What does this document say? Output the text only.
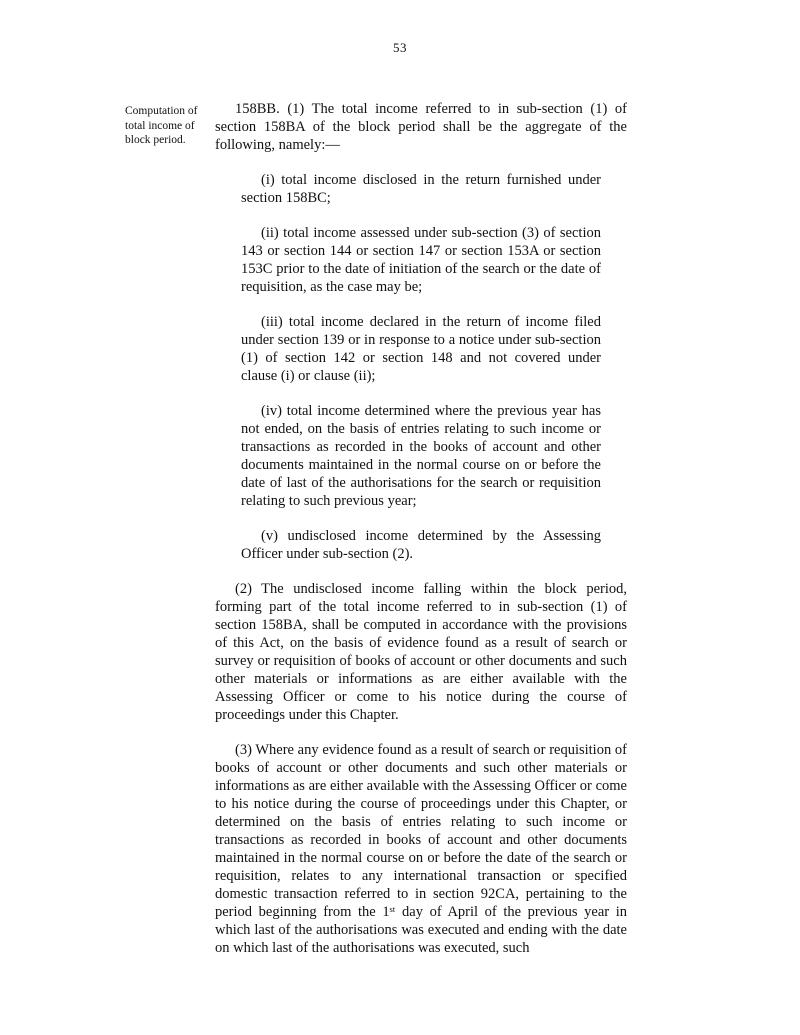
53
Computation of total income of block period.

158BB. (1) The total income referred to in sub-section (1) of section 158BA of the block period shall be the aggregate of the following, namely:—

(i) total income disclosed in the return furnished under section 158BC;

(ii) total income assessed under sub-section (3) of section 143 or section 144 or section 147 or section 153A or section 153C prior to the date of initiation of the search or the date of requisition, as the case may be;

(iii) total income declared in the return of income filed under section 139 or in response to a notice under sub-section (1) of section 142 or section 148 and not covered under clause (i) or clause (ii);

(iv) total income determined where the previous year has not ended, on the basis of entries relating to such income or transactions as recorded in the books of account and other documents maintained in the normal course on or before the date of last of the authorisations for the search or requisition relating to such previous year;

(v) undisclosed income determined by the Assessing Officer under sub-section (2).

(2) The undisclosed income falling within the block period, forming part of the total income referred to in sub-section (1) of section 158BA, shall be computed in accordance with the provisions of this Act, on the basis of evidence found as a result of search or survey or requisition of books of account or other documents and such other materials or informations as are either available with the Assessing Officer or come to his notice during the course of proceedings under this Chapter.

(3) Where any evidence found as a result of search or requisition of books of account or other documents and such other materials or informations as are either available with the Assessing Officer or come to his notice during the course of proceedings under this Chapter, or determined on the basis of entries relating to such income or transactions as recorded in books of account and other documents maintained in the normal course on or before the date of the search or requisition, relates to any international transaction or specified domestic transaction referred to in section 92CA, pertaining to the period beginning from the 1ˢᵗ day of April of the previous year in which last of the authorisations was executed and ending with the date on which last of the authorisations was executed, such
